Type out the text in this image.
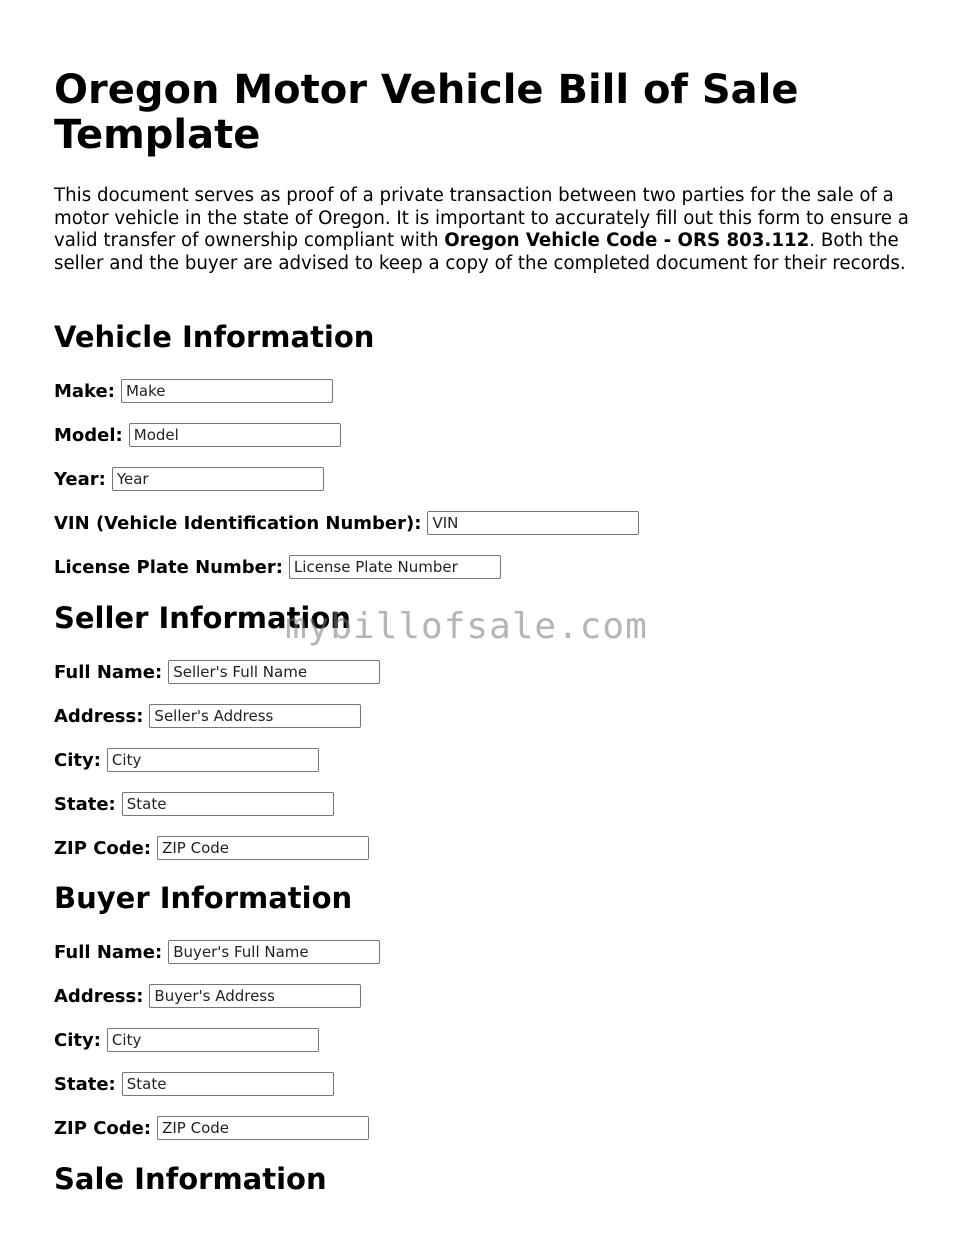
Oregon Motor Vehicle Bill of Sale Template

This document serves as proof of a private transaction between two parties for the sale of a motor vehicle in the state of Oregon. It is important to accurately fill out this form to ensure a valid transfer of ownership compliant with Oregon Vehicle Code - ORS 803.112. Both the seller and the buyer are advised to keep a copy of the completed document for their records.

Vehicle Information
Make:
Make
Model:
Model
Year:
Year
VIN (Vehicle Identification Number):
VIN
License Plate Number:
License Plate Number
Seller Information
Full Name:
Seller's Full Name
Address:
Seller's Address
City:
City
State:
State
ZIP Code:
ZIP Code
Buyer Information
Full Name:
Buyer's Full Name
Address:
Buyer's Address
City:
City
State:
State
ZIP Code:
ZIP Code
Sale Information
mybillofsale.com
